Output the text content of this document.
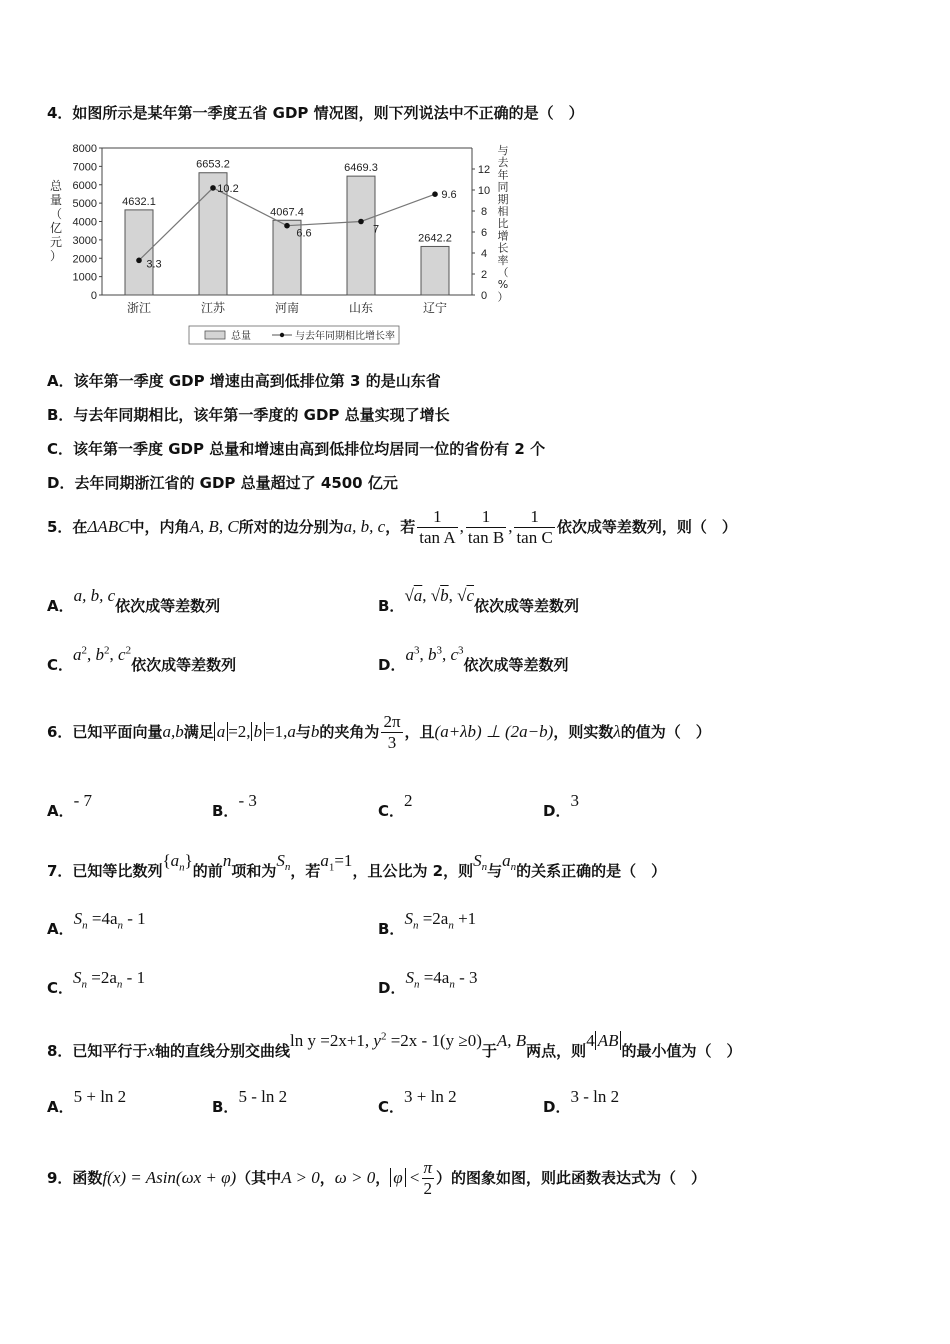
4．如图所示是某年第一季度五省 GDP 情况图，则下列说法中不正确的是（　）
0
1000
2000
3000
4000
5000
6000
7000
8000
0
2
4
6
8
10
12
总
量
（
亿
元
）
与
去
年
同
期
相
比
增
长
率
（
%
）
4632.1
6653.2
4067.4
6469.3
2642.2
浙江	江苏	河南	山东	辽宁
3.3
10.2
6.6	7
9.6
总量	与去年同期相比增长率
A．该年第一季度 GDP 增速由高到低排位第 3 的是山东省
B．与去年同期相比，该年第一季度的 GDP 总量实现了增长
C．该年第一季度 GDP 总量和增速由高到低排位均居同一位的省份有 2 个
D．去年同期浙江省的 GDP 总量超过了 4500 亿元
5．在ΔABC中，内角A, B, C所对的边分别为a, b, c，若 $\frac{1}{\text{tan A}}$ , $\frac{1}{\text{tan B}}$ , $\frac{1}{\text{tan C}}$ 依次成等差数列，则（　）
A．a, b, c依次成等差数列	B．√a, √b, √c依次成等差数列
C．$a^2$, $b^2$, $c^2$依次成等差数列	D．$a^3$, $b^3$, $c^3$依次成等差数列
6．已知平面向量a,b满足 a =2, b =1,a与b的夹角为 $\frac{2\pi}{3}$ ，且(a+λb) ⊥ (2a−b)，则实数λ的值为（　）
A．- 7
B．- 3
C．2
D．3
7．已知等比数列$\{a_n\}$的前n项和为$S_n$，若$a_1=1$，且公比为 2，则$S_n$与$a_n$的关系正确的是（　）
A．$S_n =4a_n - 1$
B．$S_n =2a_n +1$
C．$S_n =2a_n - 1$
D．$S_n =4a_n - 3$
8．已知平行于x轴的直线分别交曲线ln y =2x+1, $y^2 =2x - 1(y \ge 0)$于A, B两点，则4 AB的最小值为（　）
A．5 + ln 2
B．5 - ln 2
C．3 + ln 2
D．3 - ln 2
9．函数f(x) = Asin(ωx + φ)（其中A > 0，ω > 0， $\varphi < \frac{\pi}{2}$ ）的图象如图，则此函数表达式为（　）
